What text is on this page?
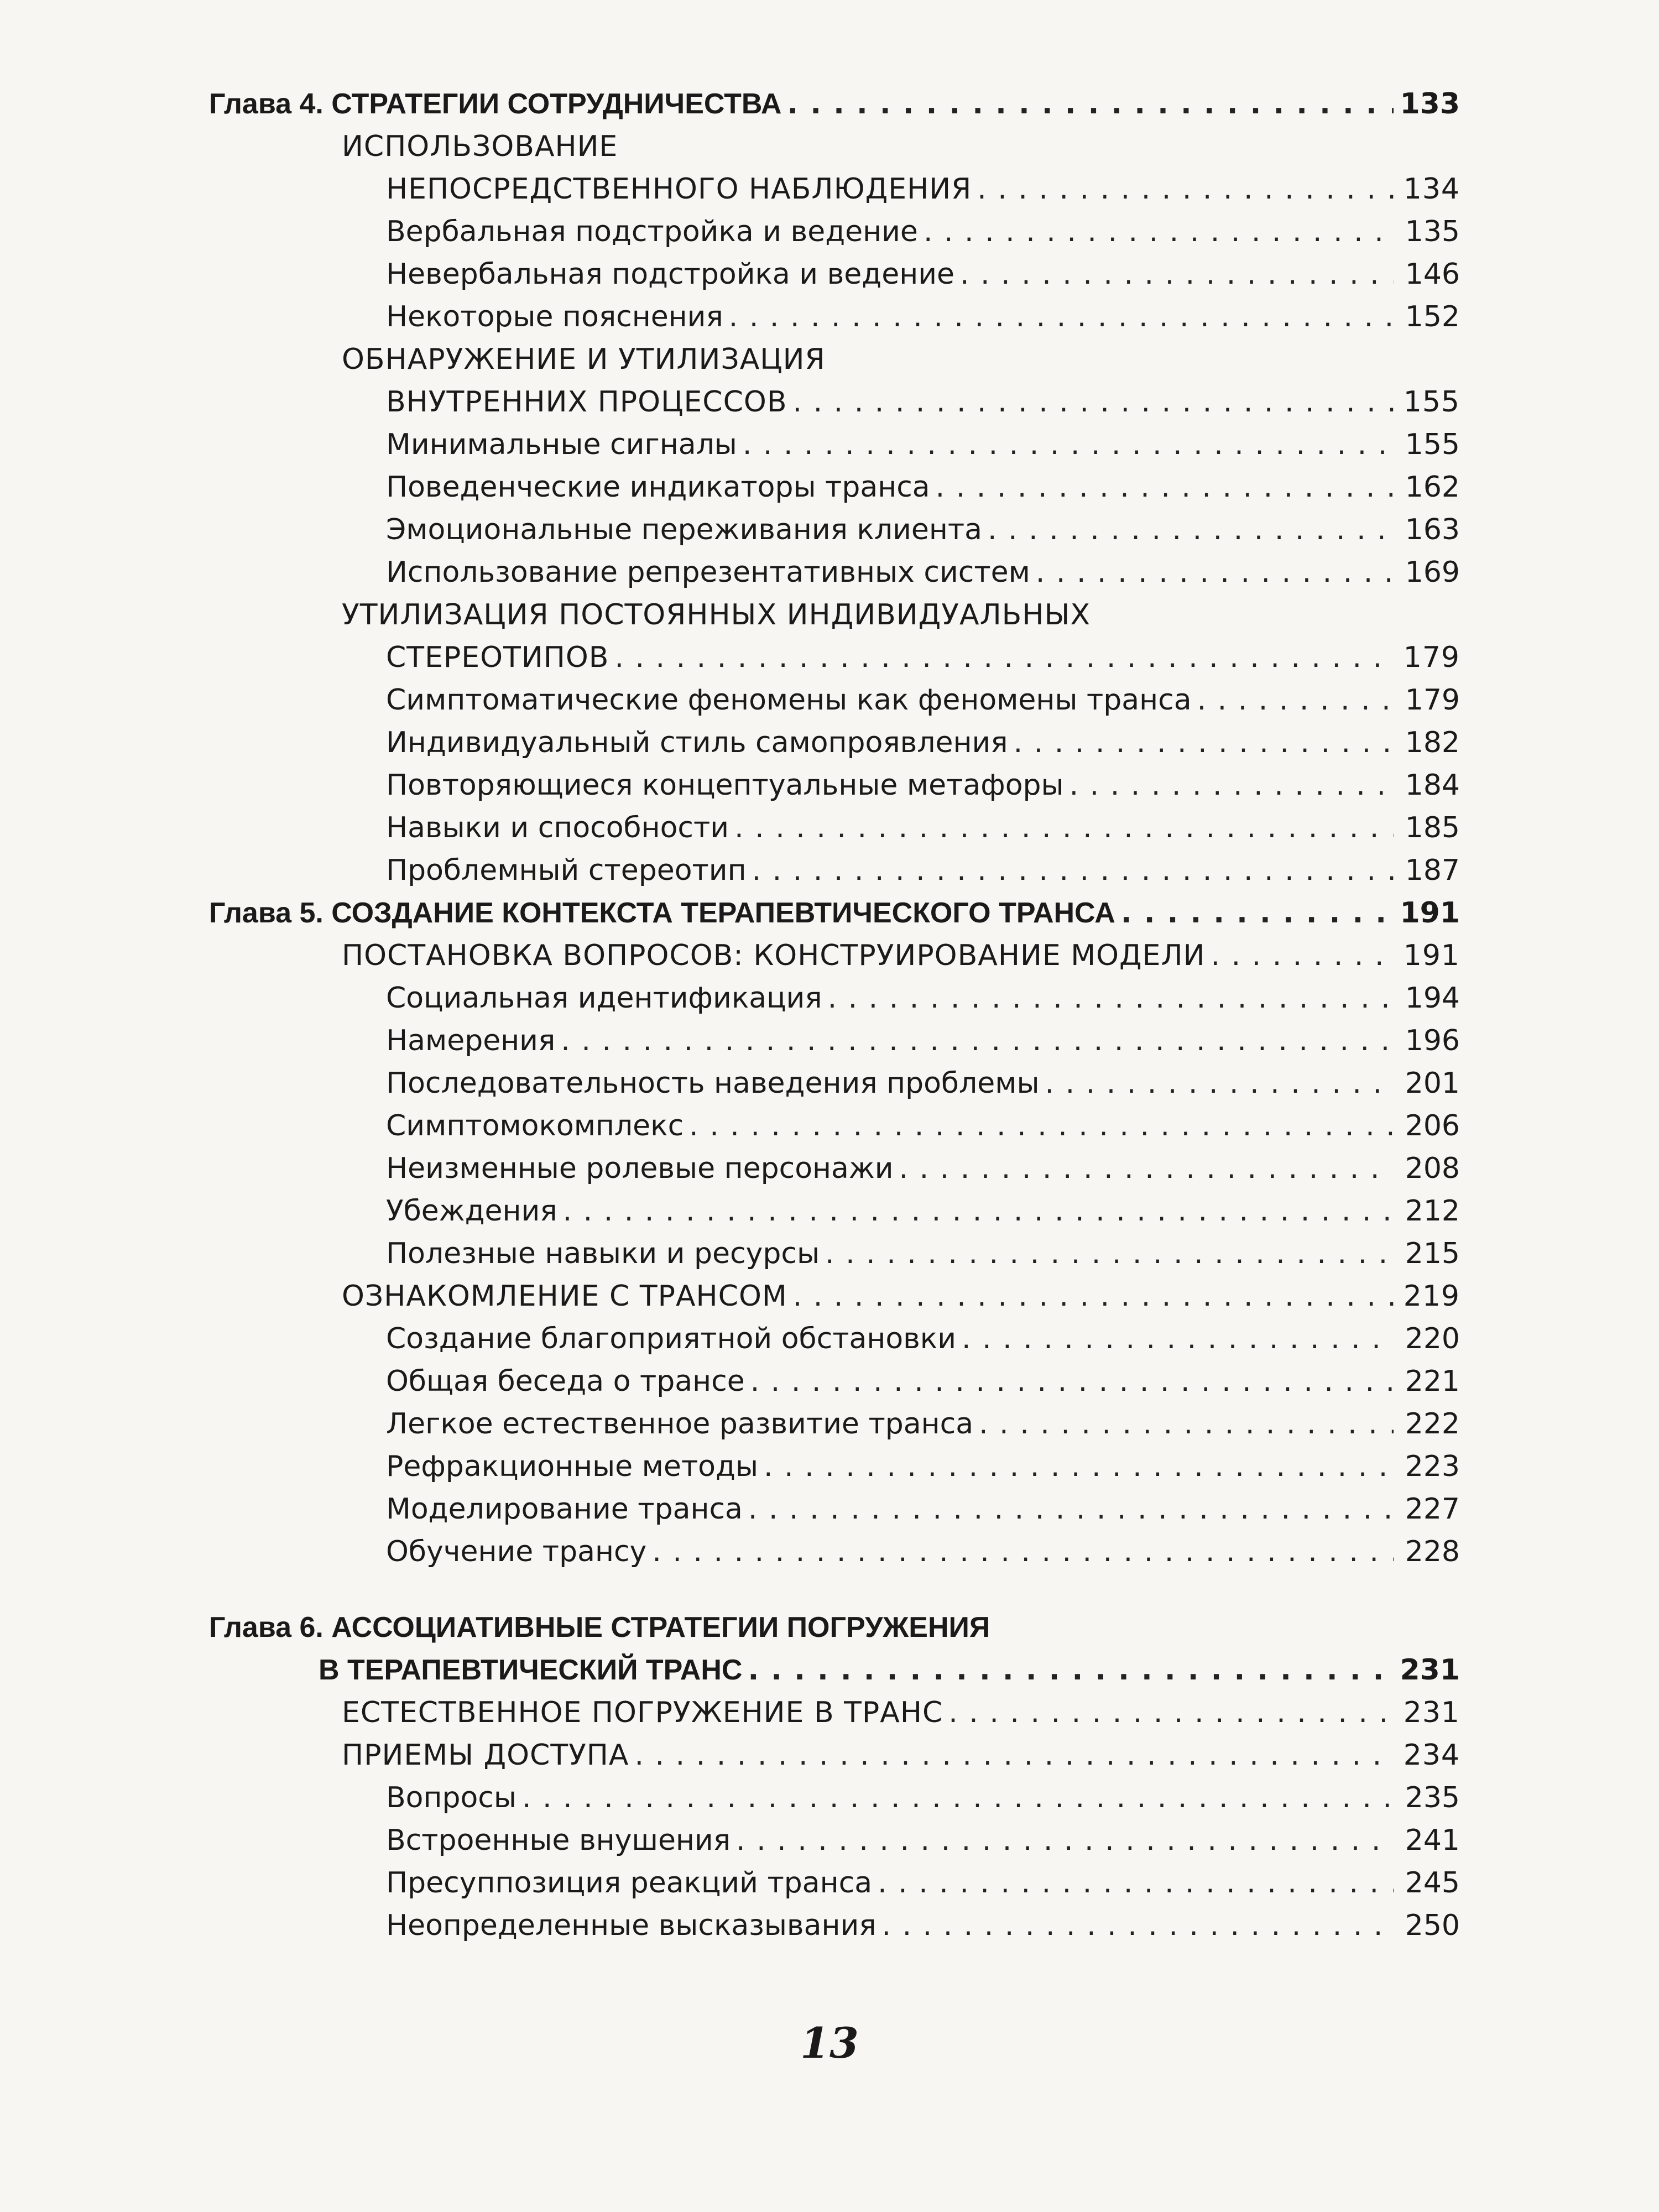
Глава 4. СТРАТЕГИИ СОТРУДНИЧЕСТВА . . .	133
ИСПОЛЬЗОВАНИЕ
НЕПОСРЕДСТВЕННОГО НАБЛЮДЕНИЯ . . .	134
Вербальная подстройка и ведение . . .	135
Невербальная подстройка и ведение . . .	146
Некоторые пояснения . . .	152
ОБНАРУЖЕНИЕ И УТИЛИЗАЦИЯ
ВНУТРЕННИХ ПРОЦЕССОВ . . .	155
Минимальные сигналы . . .	155
Поведенческие индикаторы транса . . .	162
Эмоциональные переживания клиента . . .	163
Использование репрезентативных систем . . .	169
УТИЛИЗАЦИЯ ПОСТОЯННЫХ ИНДИВИДУАЛЬНЫХ
СТЕРЕОТИПОВ . . .	179
Симптоматические феномены как феномены транса . . .	179
Индивидуальный стиль самопроявления . . .	182
Повторяющиеся концептуальные метафоры . . .	184
Навыки и способности . . .	185
Проблемный стереотип . . .	187
Глава 5. СОЗДАНИЕ КОНТЕКСТА ТЕРАПЕВТИЧЕСКОГО ТРАНСА . . .	191
ПОСТАНОВКА ВОПРОСОВ: КОНСТРУИРОВАНИЕ МОДЕЛИ . . .	191
Социальная идентификация . . .	194
Намерения . . .	196
Последовательность наведения проблемы . . .	201
Симптомокомплекс . . .	206
Неизменные ролевые персонажи . . .	208
Убеждения . . .	212
Полезные навыки и ресурсы . . .	215
ОЗНАКОМЛЕНИЕ С ТРАНСОМ . . .	219
Создание благоприятной обстановки . . .	220
Общая беседа о трансе . . .	221
Легкое естественное развитие транса . . .	222
Рефракционные методы . . .	223
Моделирование транса . . .	227
Обучение трансу . . .	228
Глава 6. АССОЦИАТИВНЫЕ СТРАТЕГИИ ПОГРУЖЕНИЯ
В ТЕРАПЕВТИЧЕСКИЙ ТРАНС . . .	231
ЕСТЕСТВЕННОЕ ПОГРУЖЕНИЕ В ТРАНС . . .	231
ПРИЕМЫ ДОСТУПА . . .	234
Вопросы . . .	235
Встроенные внушения . . .	241
Пресуппозиция реакций транса . . .	245
Неопределенные высказывания . . .	250
13
